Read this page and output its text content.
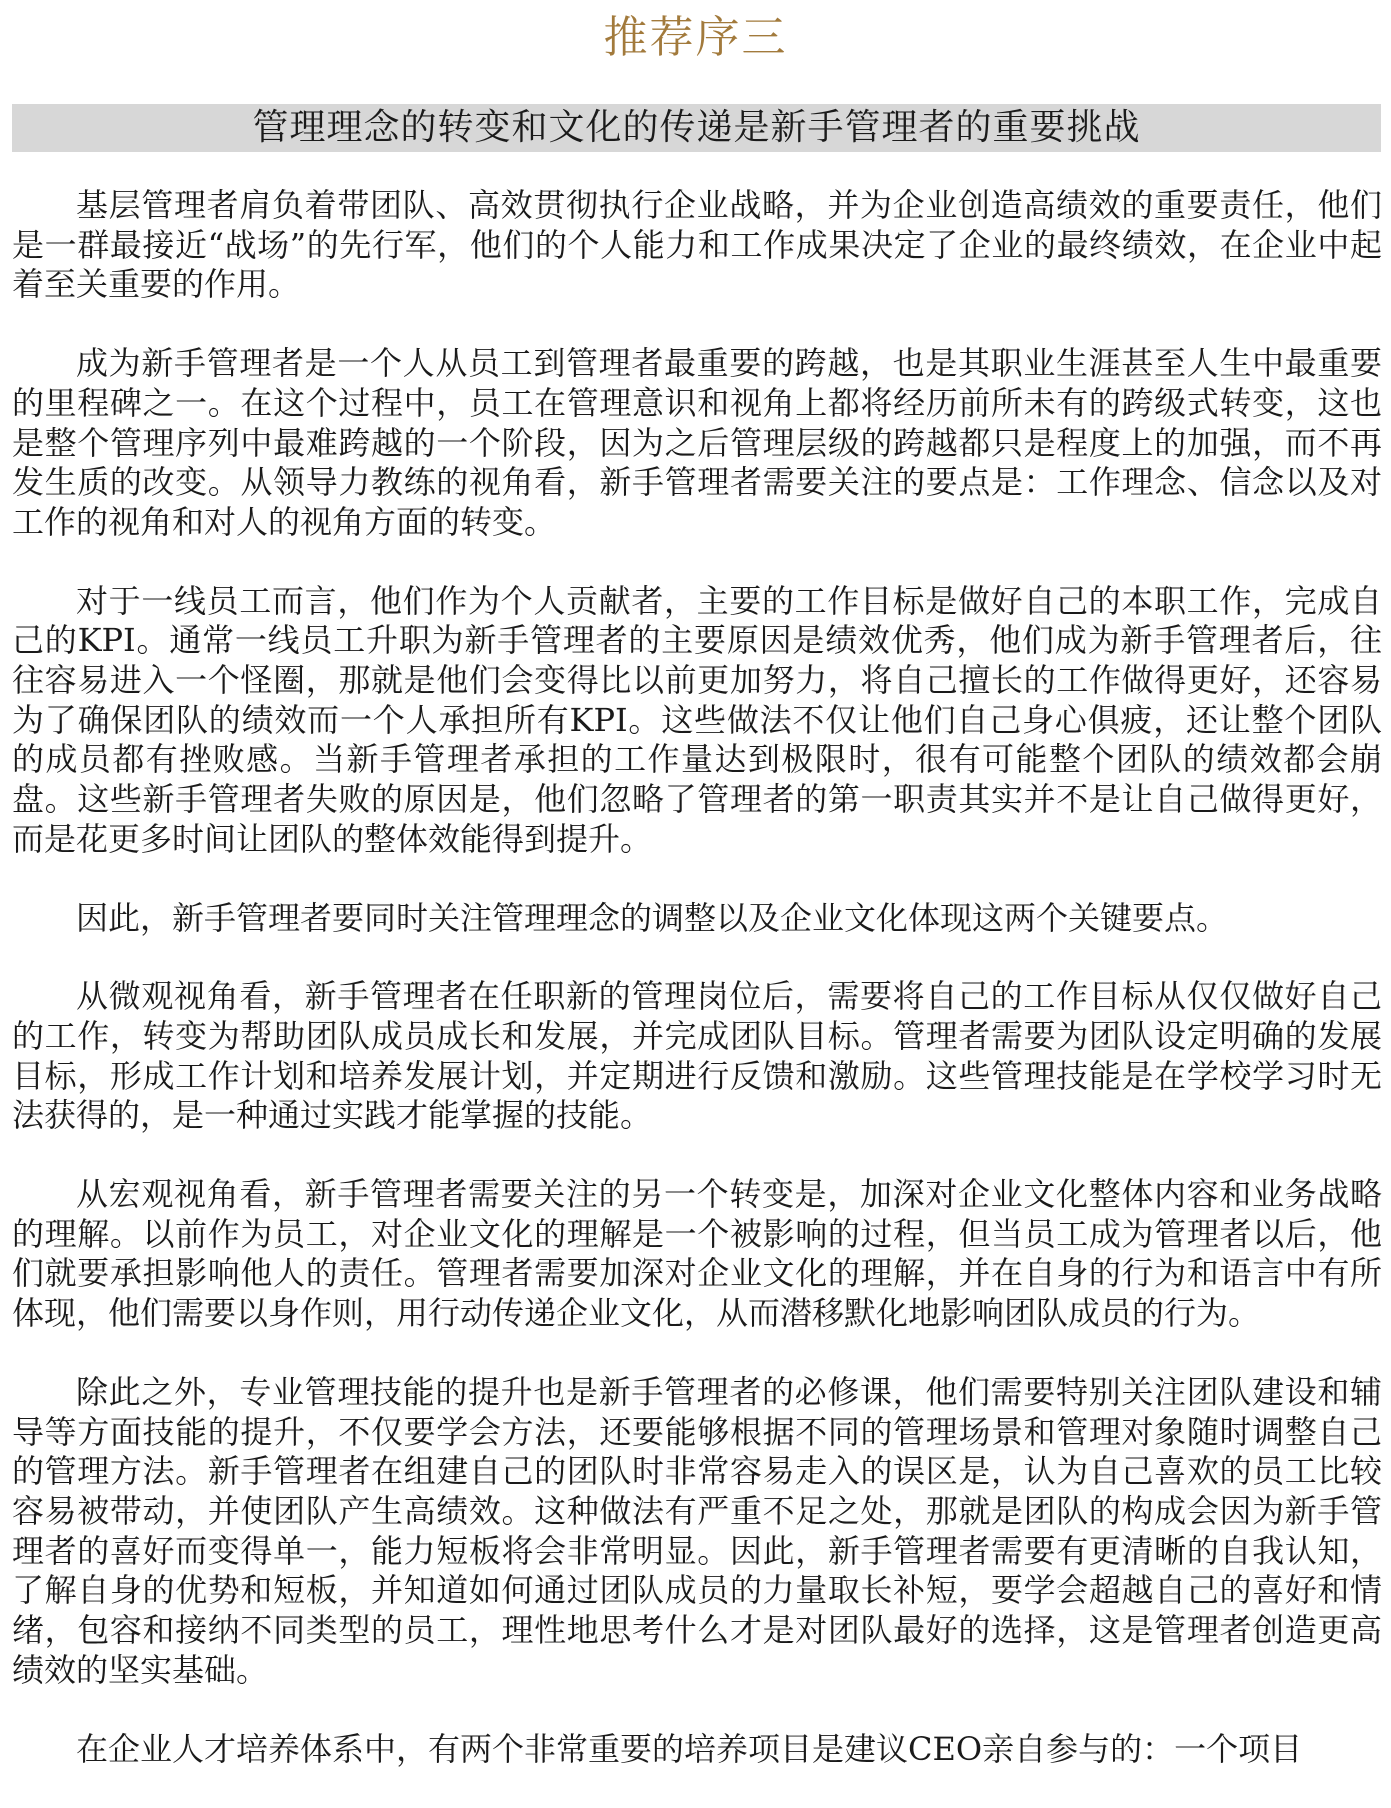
推荐序三
管理理念的转变和文化的传递是新手管理者的重要挑战

基层管理者肩负着带团队、高效贯彻执行企业战略，并为企业创造高绩效的重要责任，他们是一群最接近“战场”的先行军，他们的个人能力和工作成果决定了企业的最终绩效，在企业中起着至关重要的作用。

成为新手管理者是一个人从员工到管理者最重要的跨越，也是其职业生涯甚至人生中最重要的里程碑之一。在这个过程中，员工在管理意识和视角上都将经历前所未有的跨级式转变，这也是整个管理序列中最难跨越的一个阶段，因为之后管理层级的跨越都只是程度上的加强，而不再发生质的改变。从领导力教练的视角看，新手管理者需要关注的要点是：工作理念、信念以及对工作的视角和对人的视角方面的转变。

对于一线员工而言，他们作为个人贡献者，主要的工作目标是做好自己的本职工作，完成自己的KPI。通常一线员工升职为新手管理者的主要原因是绩效优秀，他们成为新手管理者后，往往容易进入一个怪圈，那就是他们会变得比以前更加努力，将自己擅长的工作做得更好，还容易为了确保团队的绩效而一个人承担所有KPI。这些做法不仅让他们自己身心俱疲，还让整个团队的成员都有挫败感。当新手管理者承担的工作量达到极限时，很有可能整个团队的绩效都会崩盘。这些新手管理者失败的原因是，他们忽略了管理者的第一职责其实并不是让自己做得更好，而是花更多时间让团队的整体效能得到提升。

因此，新手管理者要同时关注管理理念的调整以及企业文化体现这两个关键要点。

从微观视角看，新手管理者在任职新的管理岗位后，需要将自己的工作目标从仅仅做好自己的工作，转变为帮助团队成员成长和发展，并完成团队目标。管理者需要为团队设定明确的发展目标，形成工作计划和培养发展计划，并定期进行反馈和激励。这些管理技能是在学校学习时无法获得的，是一种通过实践才能掌握的技能。

从宏观视角看，新手管理者需要关注的另一个转变是，加深对企业文化整体内容和业务战略的理解。以前作为员工，对企业文化的理解是一个被影响的过程，但当员工成为管理者以后，他们就要承担影响他人的责任。管理者需要加深对企业文化的理解，并在自身的行为和语言中有所体现，他们需要以身作则，用行动传递企业文化，从而潜移默化地影响团队成员的行为。

除此之外，专业管理技能的提升也是新手管理者的必修课，他们需要特别关注团队建设和辅导等方面技能的提升，不仅要学会方法，还要能够根据不同的管理场景和管理对象随时调整自己的管理方法。新手管理者在组建自己的团队时非常容易走入的误区是，认为自己喜欢的员工比较容易被带动，并使团队产生高绩效。这种做法有严重不足之处，那就是团队的构成会因为新手管理者的喜好而变得单一，能力短板将会非常明显。因此，新手管理者需要有更清晰的自我认知，了解自身的优势和短板，并知道如何通过团队成员的力量取长补短，要学会超越自己的喜好和情绪，包容和接纳不同类型的员工，理性地思考什么才是对团队最好的选择，这是管理者创造更高绩效的坚实基础。

在企业人才培养体系中，有两个非常重要的培养项目是建议CEO亲自参与的：一个项目
